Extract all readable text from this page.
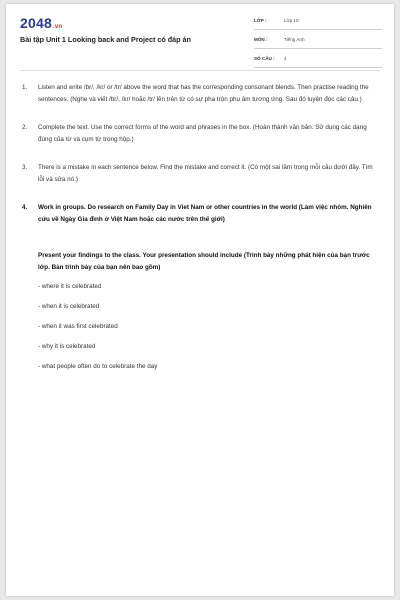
2048.vn
Bài tập Unit 1 Looking back and Project có đáp án
LỚP :	Lớp 10
MÔN :	Tiếng Anh
SỐ CÂU : 4
1. Listen and write /br/, /kr/ or /tr/ above the word that has the corresponding consonant blends. Then practise reading the sentences. (Nghe và viết /br/, /kr/ hoặc /tr/ lên trên từ có sự pha trộn phụ âm tương ứng. Sau đó luyện đọc các câu.)
2. Complete the text. Use the correct forms of the word and phrases in the box. (Hoàn thành văn bản. Sử dụng các dạng đúng của từ và cụm từ trong hộp.)
3. There is a mistake in each sentence below. Find the mistake and correct it. (Có một sai lầm trong mỗi câu dưới đây. Tìm lỗi và sửa nó.)
4. Work in groups. Do research on Family Day in Viet Nam or other countries in the world (Làm việc nhóm. Nghiên cứu về Ngày Gia đình ở Việt Nam hoặc các nước trên thế giới)
Present your findings to the class. Your presentation should include (Trình bày những phát hiện của bạn trước lớp. Bản trình bày của bạn nên bao gồm)
- where it is celebrated
- when it is celebrated
- when it was first celebrated
- why it is celebrated
- what people often do to celebrate the day
